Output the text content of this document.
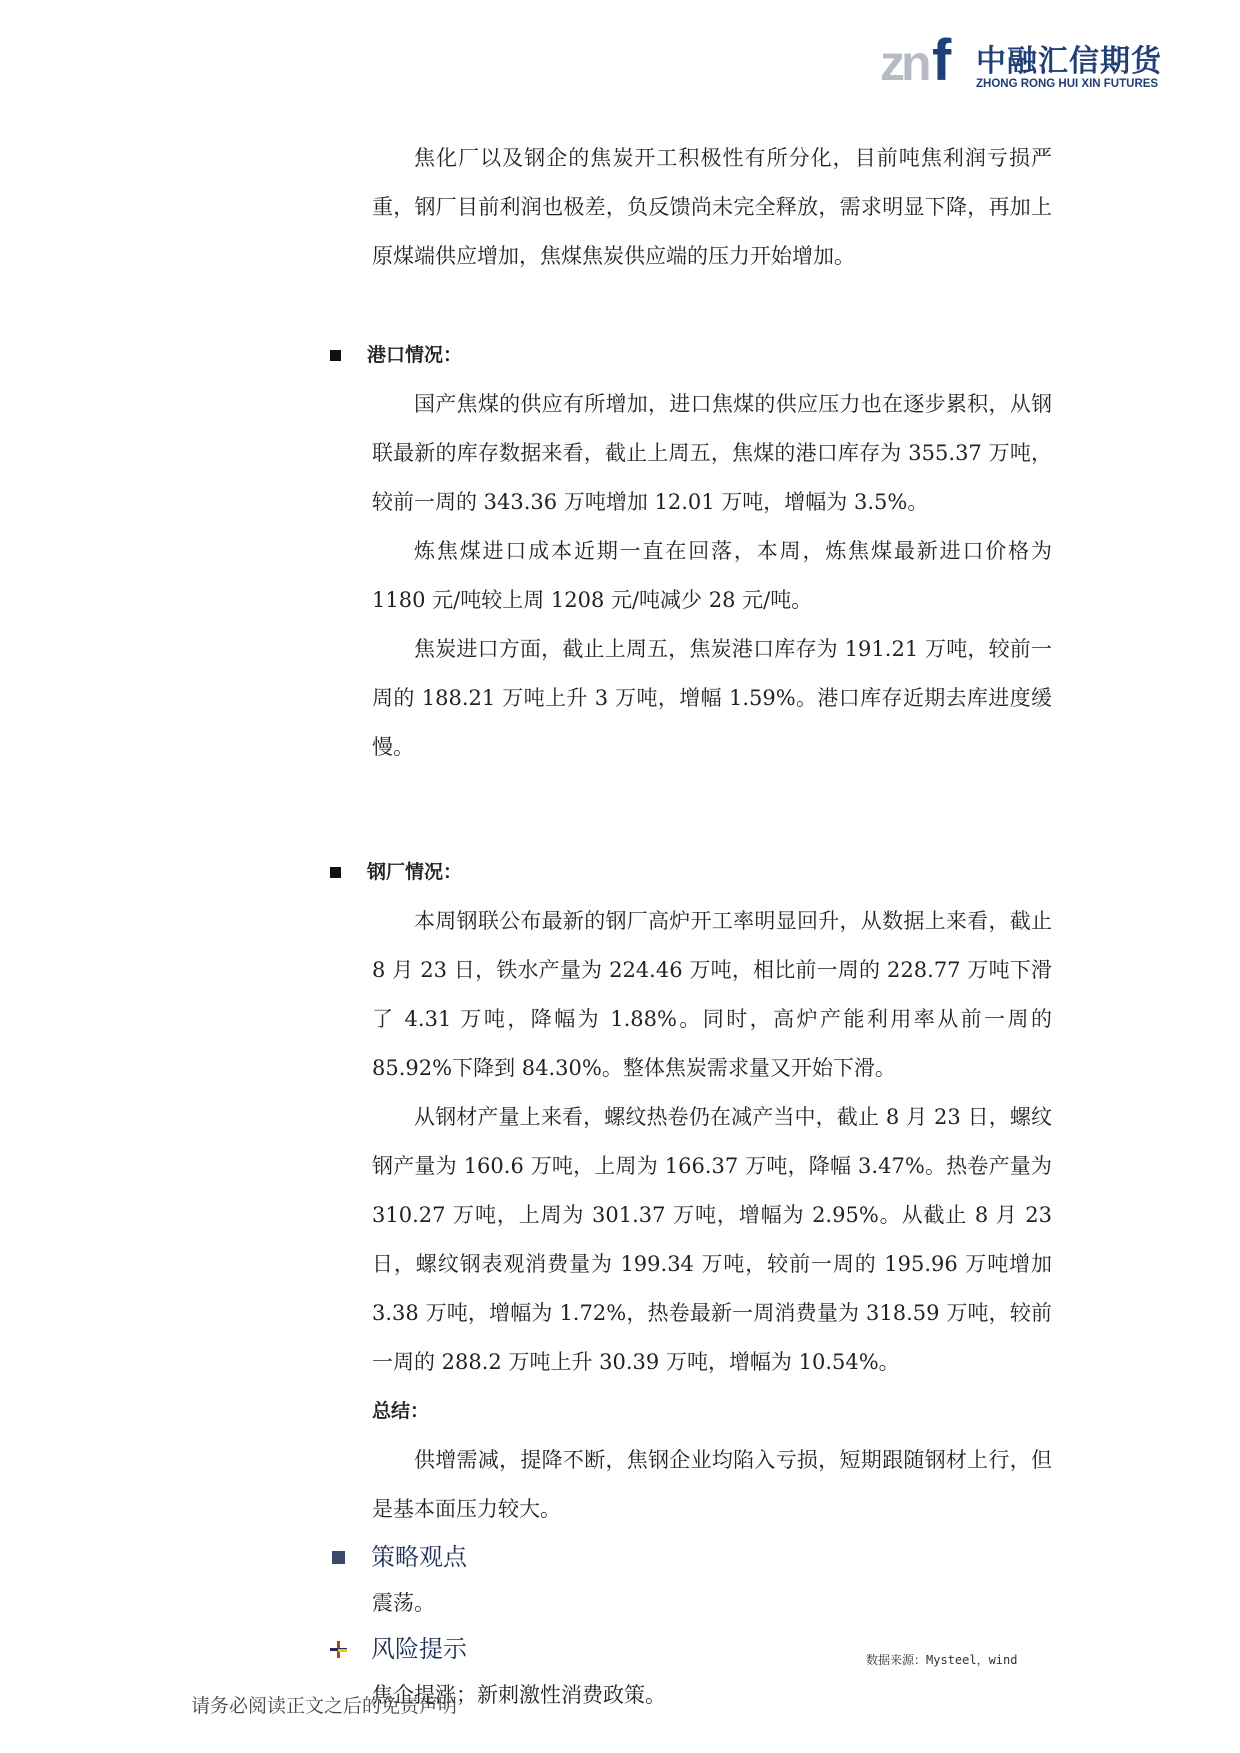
zn f 中融汇信期货
ZHONG RONG HUI XIN FUTURES

焦化厂以及钢企的焦炭开工积极性有所分化，目前吨焦利润亏损严重，钢厂目前利润也极差，负反馈尚未完全释放，需求明显下降，再加上原煤端供应增加，焦煤焦炭供应端的压力开始增加。

港口情况：

国产焦煤的供应有所增加，进口焦煤的供应压力也在逐步累积，从钢联最新的库存数据来看，截止上周五，焦煤的港口库存为 355.37 万吨，较前一周的 343.36 万吨增加 12.01 万吨，增幅为 3.5%。

炼焦煤进口成本近期一直在回落，本周，炼焦煤最新进口价格为 1180 元/吨较上周 1208 元/吨减少 28 元/吨。

焦炭进口方面，截止上周五，焦炭港口库存为 191.21 万吨，较前一周的 188.21 万吨上升 3 万吨，增幅 1.59%。港口库存近期去库进度缓慢。

钢厂情况：

本周钢联公布最新的钢厂高炉开工率明显回升，从数据上来看，截止 8 月 23 日，铁水产量为 224.46 万吨，相比前一周的 228.77 万吨下滑了 4.31 万吨，降幅为 1.88%。同时，高炉产能利用率从前一周的 85.92%下降到 84.30%。整体焦炭需求量又开始下滑。

从钢材产量上来看，螺纹热卷仍在减产当中，截止 8 月 23 日，螺纹钢产量为 160.6 万吨，上周为 166.37 万吨，降幅 3.47%。热卷产量为 310.27 万吨，上周为 301.37 万吨，增幅为 2.95%。从截止 8 月 23 日，螺纹钢表观消费量为 199.34 万吨，较前一周的 195.96 万吨增加 3.38 万吨，增幅为 1.72%，热卷最新一周消费量为 318.59 万吨，较前一周的 288.2 万吨上升 30.39 万吨，增幅为 10.54%。

总结：

供增需减，提降不断，焦钢企业均陷入亏损，短期跟随钢材上行，但是基本面压力较大。

策略观点
震荡。
风险提示
焦企提涨；新刺激性消费政策。
数据来源：Mysteel，wind
请务必阅读正文之后的免责声明
